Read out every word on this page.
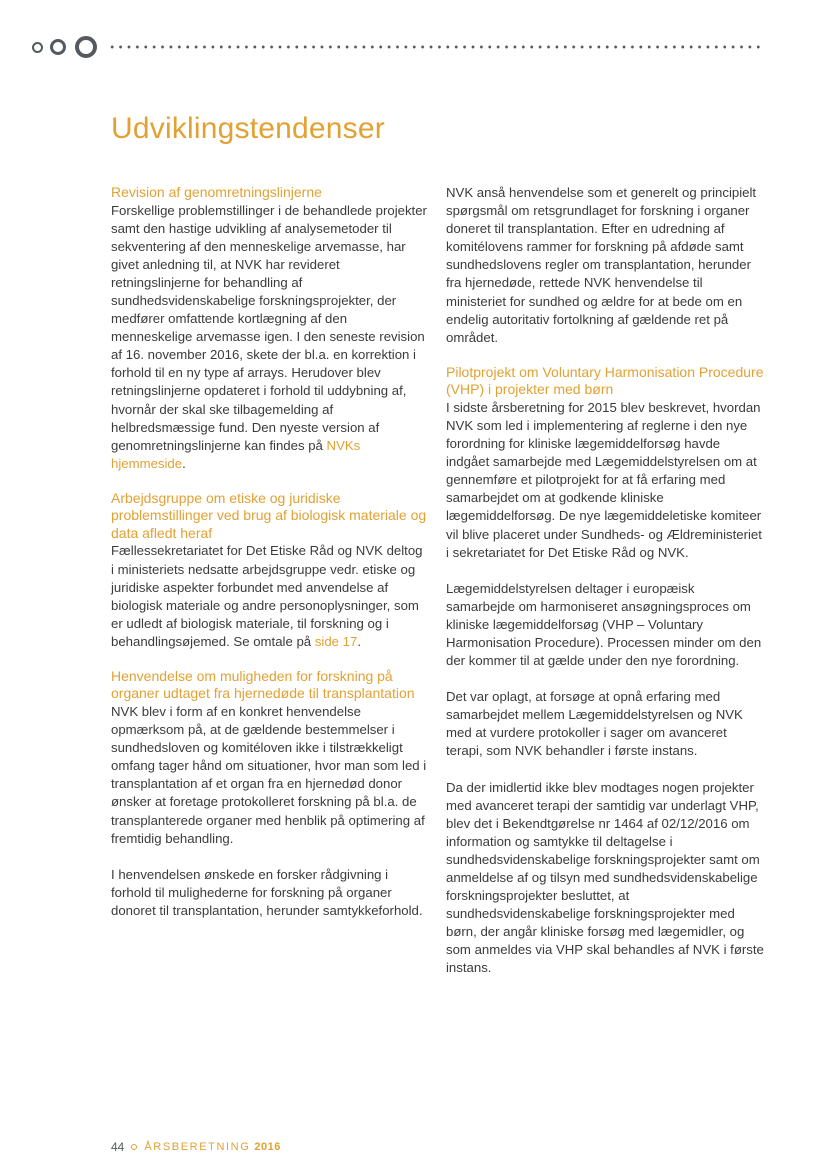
Udviklingstendenser
Revision af genomretningslinjerne

Forskellige problemstillinger i de behandlede projekter samt den hastige udvikling af analysemetoder til sekventering af den menneskelige arvemasse, har givet anledning til, at NVK har revideret retningslinjerne for behandling af sundhedsvidenskabelige forskningsprojekter, der medfører omfattende kortlægning af den menneskelige arvemasse igen. I den seneste revision af 16. november 2016, skete der bl.a. en korrektion i forhold til en ny type af arrays. Herudover blev retningslinjerne opdateret i forhold til uddybning af, hvornår der skal ske tilbagemelding af helbredsmæssige fund. Den nyeste version af genomretningslinjerne kan findes på NVKs hjemmeside.

Arbejdsgruppe om etiske og juridiske problemstillinger ved brug af biologisk materiale og data afledt heraf

Fællessekretariatet for Det Etiske Råd og NVK deltog i ministeriets nedsatte arbejdsgruppe vedr. etiske og juridiske aspekter forbundet med anvendelse af biologisk materiale og andre personoplysninger, som er udledt af biologisk materiale, til forskning og i behandlingsøjemed. Se omtale på side 17.

Henvendelse om muligheden for forskning på organer udtaget fra hjernedøde til transplantation

NVK blev i form af en konkret henvendelse opmærksom på, at de gældende bestemmelser i sundhedsloven og komitéloven ikke i tilstrækkeligt omfang tager hånd om situationer, hvor man som led i transplantation af et organ fra en hjernedød donor ønsker at foretage protokolleret forskning på bl.a. de transplanterede organer med henblik på optimering af fremtidig behandling.

I henvendelsen ønskede en forsker rådgivning i forhold til mulighederne for forskning på organer donoret til transplantation, herunder samtykkeforhold.

NVK anså henvendelse som et generelt og principielt spørgsmål om retsgrundlaget for forskning i organer doneret til transplantation. Efter en udredning af komitélovens rammer for forskning på afdøde samt sundhedslovens regler om transplantation, herunder fra hjernedøde, rettede NVK henvendelse til ministeriet for sundhed og ældre for at bede om en endelig autoritativ fortolkning af gældende ret på området.

Pilotprojekt om Voluntary Harmonisation Procedure (VHP) i projekter med børn

I sidste årsberetning for 2015 blev beskrevet, hvordan NVK som led i implementering af reglerne i den nye forordning for kliniske lægemiddelforsøg havde indgået samarbejde med Lægemiddelstyrelsen om at gennemføre et pilotprojekt for at få erfaring med samarbejdet om at godkende kliniske lægemiddelforsøg. De nye lægemiddeletiske komiteer vil blive placeret under Sundheds- og Ældreministeriet i sekretariatet for Det Etiske Råd og NVK.

Lægemiddelstyrelsen deltager i europæisk samarbejde om harmoniseret ansøgningsproces om kliniske lægemiddelforsøg (VHP – Voluntary Harmonisation Procedure). Processen minder om den der kommer til at gælde under den nye forordning.

Det var oplagt, at forsøge at opnå erfaring med samarbejdet mellem Lægemiddelstyrelsen og NVK med at vurdere protokoller i sager om avanceret terapi, som NVK behandler i første instans.

Da der imidlertid ikke blev modtages nogen projekter med avanceret terapi der samtidig var underlagt VHP, blev det i Bekendtgørelse nr 1464 af 02/12/2016 om information og samtykke til deltagelse i sundhedsvidenskabelige forskningsprojekter samt om anmeldelse af og tilsyn med sundhedsvidenskabelige forskningsprojekter besluttet, at sundhedsvidenskabelige forskningsprojekter med børn, der angår kliniske forsøg med lægemidler, og som anmeldes via VHP skal behandles af NVK i første instans.

44 ÅRSBERETNING 2016
